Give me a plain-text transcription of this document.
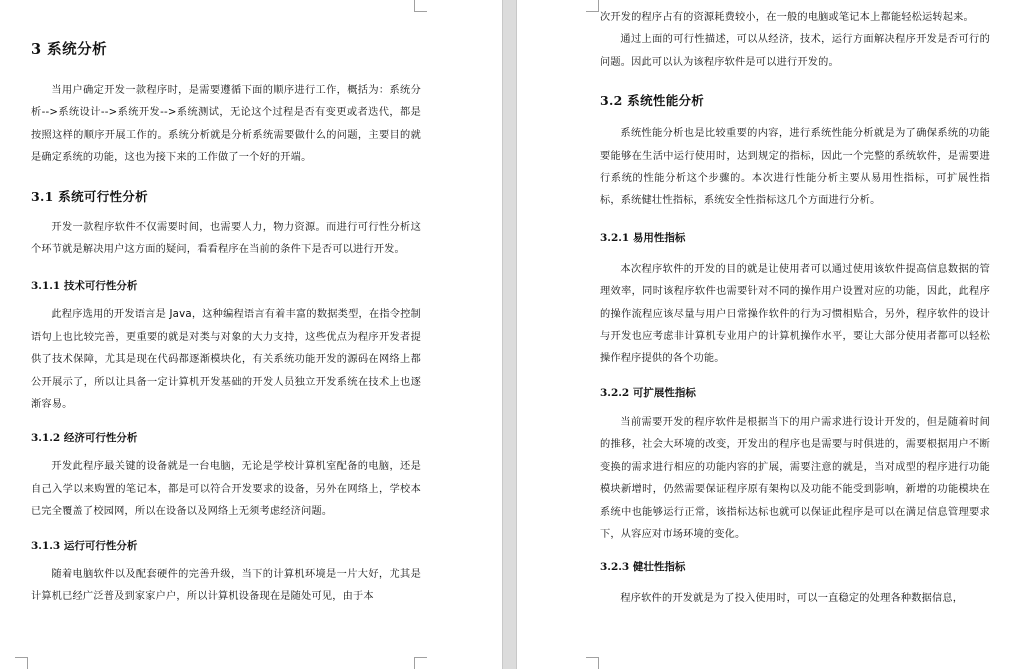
3 系统分析

当用户确定开发一款程序时，是需要遵循下面的顺序进行工作，概括为：系统分析-->系统设计-->系统开发-->系统测试，无论这个过程是否有变更或者迭代，都是按照这样的顺序开展工作的。系统分析就是分析系统需要做什么的问题，主要目的就是确定系统的功能，这也为接下来的工作做了一个好的开端。

3.1 系统可行性分析

开发一款程序软件不仅需要时间，也需要人力，物力资源。而进行可行性分析这个环节就是解决用户这方面的疑问，看看程序在当前的条件下是否可以进行开发。

3.1.1 技术可行性分析

此程序选用的开发语言是 Java，这种编程语言有着丰富的数据类型，在指令控制语句上也比较完善，更重要的就是对类与对象的大力支持，这些优点为程序开发者提供了技术保障，尤其是现在代码都逐渐模块化，有关系统功能开发的源码在网络上都公开展示了，所以让具备一定计算机开发基础的开发人员独立开发系统在技术上也逐渐容易。

3.1.2 经济可行性分析

开发此程序最关键的设备就是一台电脑，无论是学校计算机室配备的电脑，还是自己入学以来购置的笔记本，都是可以符合开发要求的设备，另外在网络上，学校本已完全覆盖了校园网，所以在设备以及网络上无须考虑经济问题。

3.1.3 运行可行性分析

随着电脑软件以及配套硬件的完善升级，当下的计算机环境是一片大好，尤其是计算机已经广泛普及到家家户户，所以计算机设备现在是随处可见，由于本

次开发的程序占有的资源耗费较小，在一般的电脑或笔记本上都能轻松运转起来。

通过上面的可行性描述，可以从经济，技术，运行方面解决程序开发是否可行的问题。因此可以认为该程序软件是可以进行开发的。

3.2 系统性能分析

系统性能分析也是比较重要的内容，进行系统性能分析就是为了确保系统的功能要能够在生活中运行使用时，达到规定的指标，因此一个完整的系统软件，是需要进行系统的性能分析这个步骤的。本次进行性能分析主要从易用性指标，可扩展性指标，系统健壮性指标，系统安全性指标这几个方面进行分析。

3.2.1 易用性指标

本次程序软件的开发的目的就是让使用者可以通过使用该软件提高信息数据的管理效率，同时该程序软件也需要针对不同的操作用户设置对应的功能，因此，此程序的操作流程应该尽量与用户日常操作软件的行为习惯相贴合，另外，程序软件的设计与开发也应考虑非计算机专业用户的计算机操作水平，要让大部分使用者都可以轻松操作程序提供的各个功能。

3.2.2 可扩展性指标

当前需要开发的程序软件是根据当下的用户需求进行设计开发的，但是随着时间的推移，社会大环境的改变，开发出的程序也是需要与时俱进的，需要根据用户不断变换的需求进行相应的功能内容的扩展，需要注意的就是，当对成型的程序进行功能模块新增时，仍然需要保证程序原有架构以及功能不能受到影响，新增的功能模块在系统中也能够运行正常，该指标达标也就可以保证此程序是可以在满足信息管理要求下，从容应对市场环境的变化。

3.2.3 健壮性指标

程序软件的开发就是为了投入使用时，可以一直稳定的处理各种数据信息，
